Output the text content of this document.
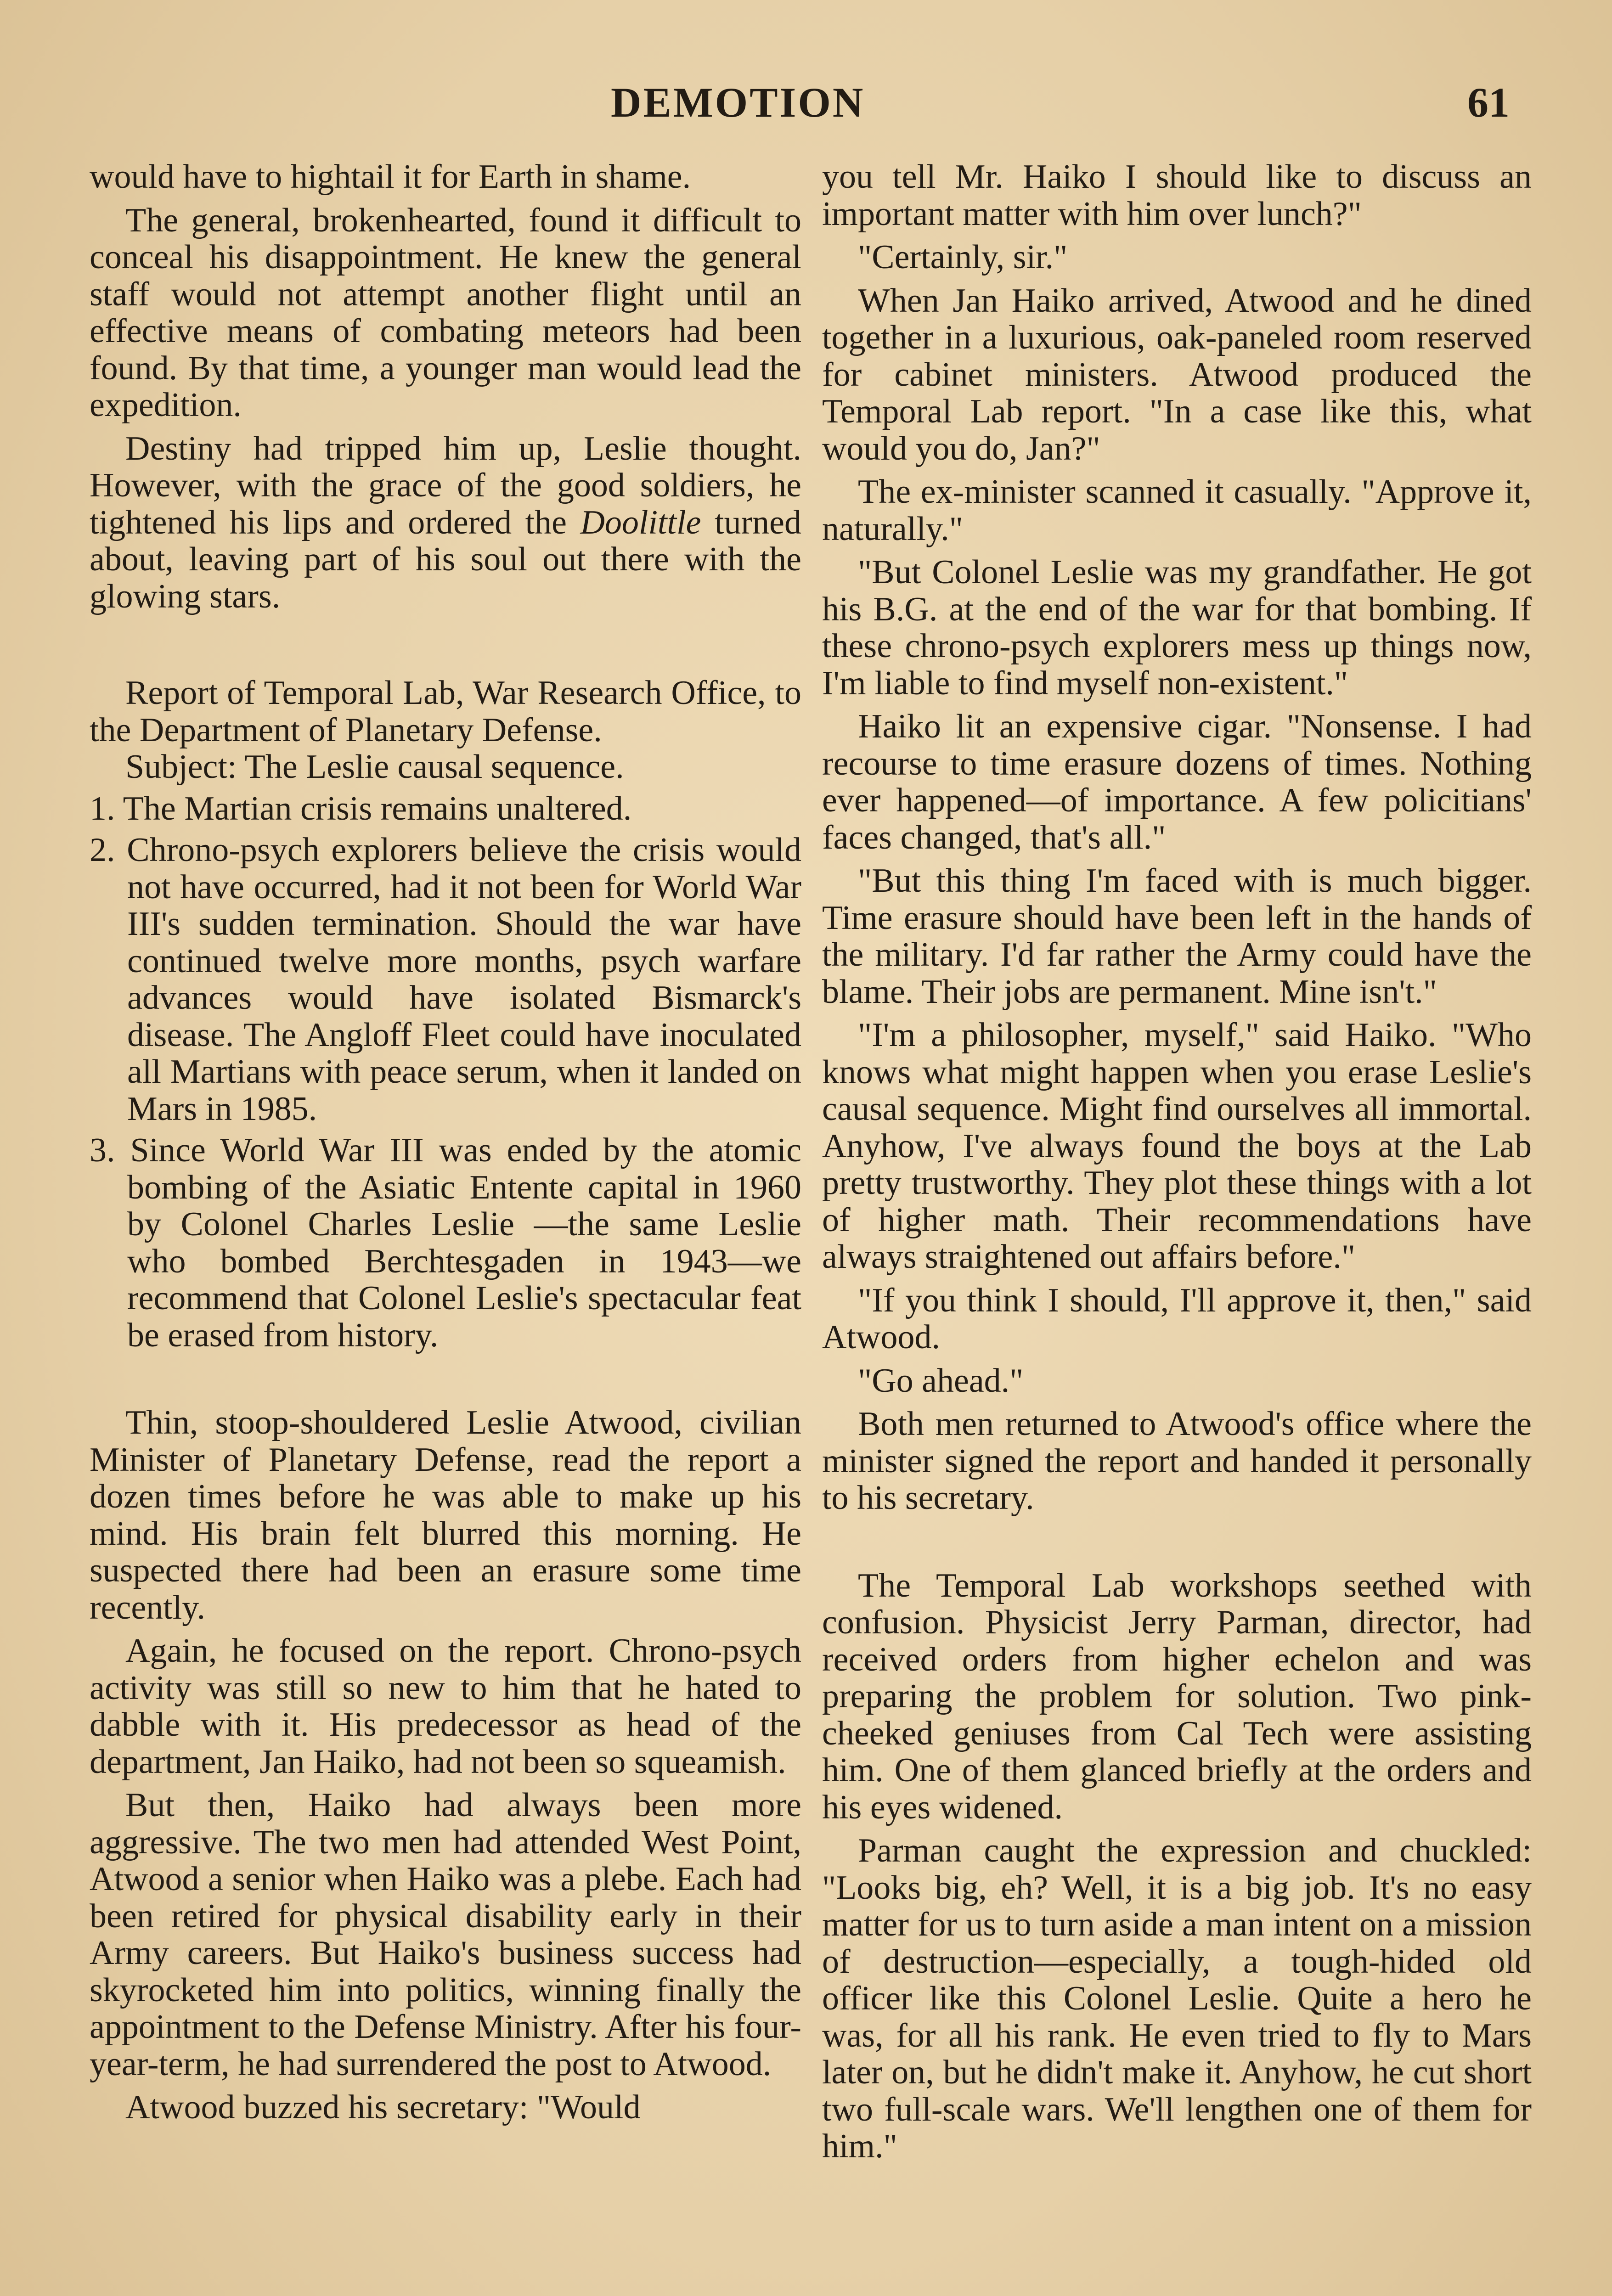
DEMOTION	61

would have to hightail it for Earth in shame.

The general, brokenhearted, found it difficult to conceal his disappointment. He knew the general staff would not attempt another flight until an effective means of combating meteors had been found. By that time, a younger man would lead the expedition.

Destiny had tripped him up, Leslie thought. However, with the grace of the good soldiers, he tightened his lips and ordered the Doolittle turned about, leaving part of his soul out there with the glowing stars.

Report of Temporal Lab, War Research Office, to the Department of Planetary Defense.

Subject: The Leslie causal sequence.

1. The Martian crisis remains unaltered.

2. Chrono-psych explorers believe the crisis would not have occurred, had it not been for World War III's sudden termination. Should the war have continued twelve more months, psych warfare advances would have isolated Bismarck's disease. The Angloff Fleet could have inoculated all Martians with peace serum, when it landed on Mars in 1985.

3. Since World War III was ended by the atomic bombing of the Asiatic Entente capital in 1960 by Colonel Charles Leslie —the same Leslie who bombed Berchtesgaden in 1943—we recommend that Colonel Leslie's spectacular feat be erased from history.

Thin, stoop-shouldered Leslie Atwood, civilian Minister of Planetary Defense, read the report a dozen times before he was able to make up his mind. His brain felt blurred this morning. He suspected there had been an erasure some time recently.

Again, he focused on the report. Chrono-psych activity was still so new to him that he hated to dabble with it. His predecessor as head of the department, Jan Haiko, had not been so squeamish.

But then, Haiko had always been more aggressive. The two men had attended West Point, Atwood a senior when Haiko was a plebe. Each had been retired for physical disability early in their Army careers. But Haiko's business success had skyrocketed him into politics, winning finally the appointment to the Defense Ministry. After his four-year-term, he had surrendered the post to Atwood.

Atwood buzzed his secretary: "Would

you tell Mr. Haiko I should like to discuss an important matter with him over lunch?"

"Certainly, sir."

When Jan Haiko arrived, Atwood and he dined together in a luxurious, oak-paneled room reserved for cabinet ministers. Atwood produced the Temporal Lab report. "In a case like this, what would you do, Jan?"

The ex-minister scanned it casually. "Approve it, naturally."

"But Colonel Leslie was my grandfather. He got his B.G. at the end of the war for that bombing. If these chrono-psych explorers mess up things now, I'm liable to find myself non-existent."

Haiko lit an expensive cigar. "Nonsense. I had recourse to time erasure dozens of times. Nothing ever happened—of importance. A few policitians' faces changed, that's all."

"But this thing I'm faced with is much bigger. Time erasure should have been left in the hands of the military. I'd far rather the Army could have the blame. Their jobs are permanent. Mine isn't."

"I'm a philosopher, myself," said Haiko. "Who knows what might happen when you erase Leslie's causal sequence. Might find ourselves all immortal. Anyhow, I've always found the boys at the Lab pretty trustworthy. They plot these things with a lot of higher math. Their recommendations have always straightened out affairs before."

"If you think I should, I'll approve it, then," said Atwood.

"Go ahead."

Both men returned to Atwood's office where the minister signed the report and handed it personally to his secretary.

The Temporal Lab workshops seethed with confusion. Physicist Jerry Parman, director, had received orders from higher echelon and was preparing the problem for solution. Two pink-cheeked geniuses from Cal Tech were assisting him. One of them glanced briefly at the orders and his eyes widened.

Parman caught the expression and chuckled: "Looks big, eh? Well, it is a big job. It's no easy matter for us to turn aside a man intent on a mission of destruction—especially, a tough-hided old officer like this Colonel Leslie. Quite a hero he was, for all his rank. He even tried to fly to Mars later on, but he didn't make it. Anyhow, he cut short two full-scale wars. We'll lengthen one of them for him."
